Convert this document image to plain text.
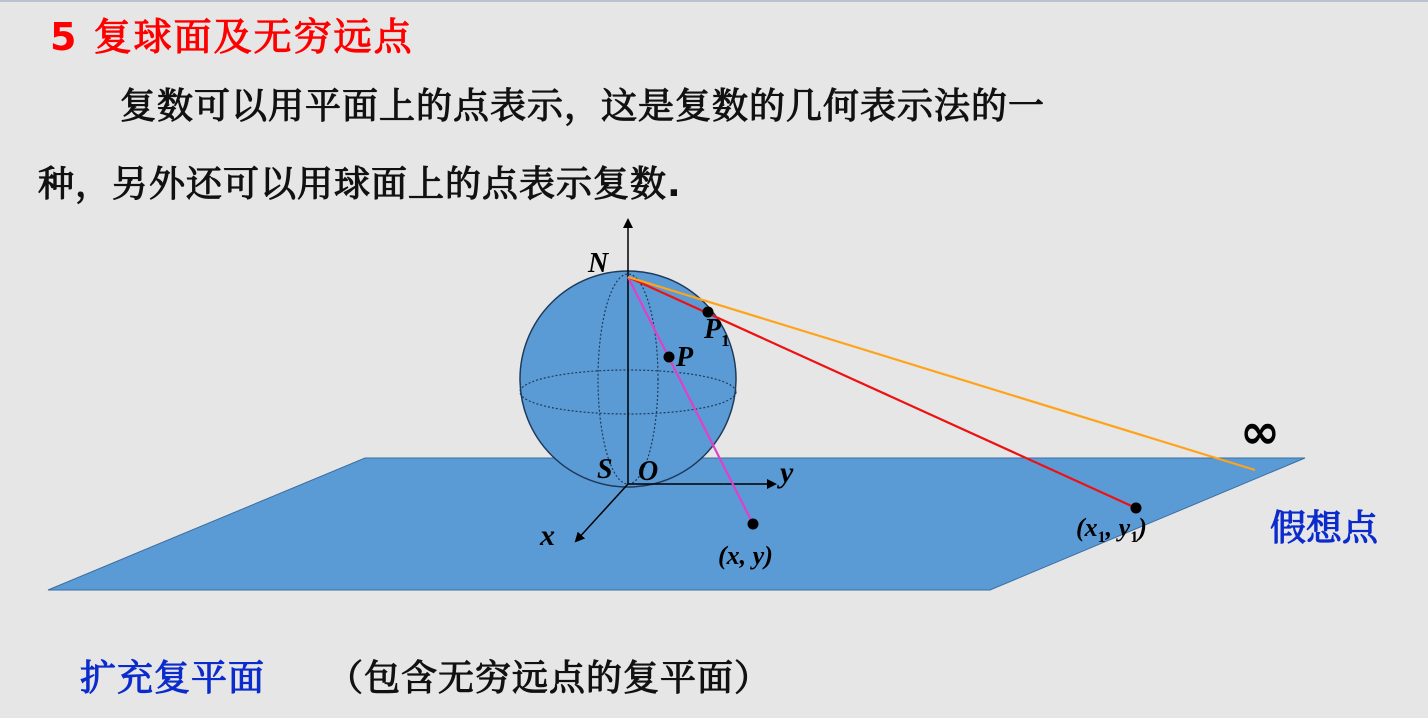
5 复球面及无穷远点
复数可以用平面上的点表示，这是复数的几何表示法的一
种，另外还可以用球面上的点表示复数.
N
$P_1$
P
S O	y
x
(x, y)
($x_1$, $y_1$)
∞
假想点
扩充复平面 （包含无穷远点的复平面）
